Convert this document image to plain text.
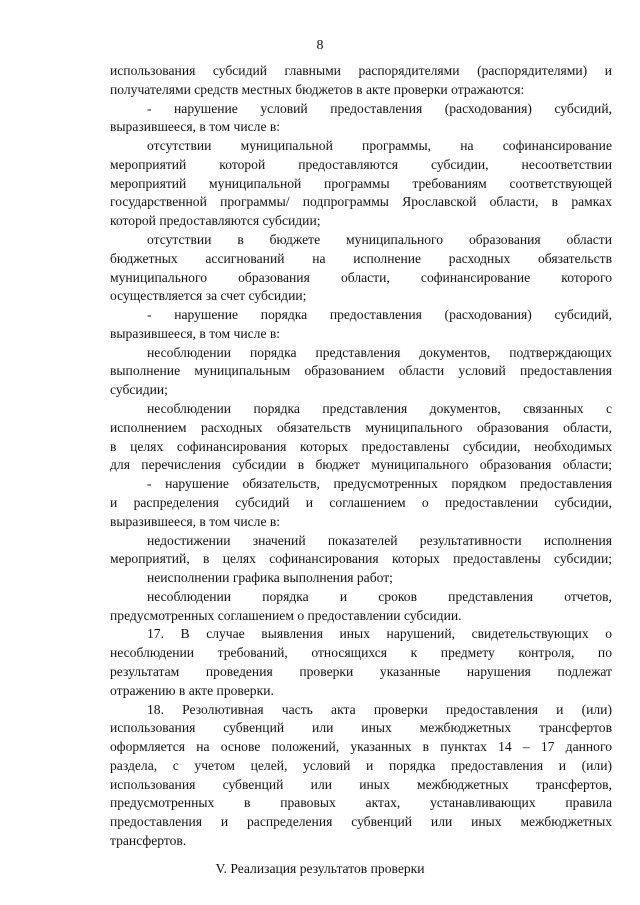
8
использования субсидий главными распорядителями (распорядителями) и
получателями средств местных бюджетов в акте проверки отражаются:
- нарушение условий предоставления (расходования) субсидий,
выразившееся, в том числе в:
отсутствии муниципальной программы, на софинансирование
мероприятий которой предоставляются субсидии, несоответствии
мероприятий муниципальной программы требованиям соответствующей
государственной программы/ подпрограммы Ярославской области, в рамках
которой предоставляются субсидии;
отсутствии в бюджете муниципального образования области
бюджетных ассигнований на исполнение расходных обязательств
муниципального образования области, софинансирование которого
осуществляется за счет субсидии;
- нарушение порядка предоставления (расходования) субсидий,
выразившееся, в том числе в:
несоблюдении порядка представления документов, подтверждающих
выполнение муниципальным образованием области условий предоставления
субсидии;
несоблюдении порядка представления документов, связанных с
исполнением расходных обязательств муниципального образования области,
в целях софинансирования которых предоставлены субсидии, необходимых
для перечисления субсидии в бюджет муниципального образования области;
- нарушение обязательств, предусмотренных порядком предоставления
и распределения субсидий и соглашением о предоставлении субсидии,
выразившееся, в том числе в:
недостижении значений показателей результативности исполнения
мероприятий, в целях софинансирования которых предоставлены субсидии;
неисполнении графика выполнения работ;
несоблюдении порядка и сроков представления отчетов,
предусмотренных соглашением о предоставлении субсидии.
17. В случае выявления иных нарушений, свидетельствующих о
несоблюдении требований, относящихся к предмету контроля, по
результатам проведения проверки указанные нарушения подлежат
отражению в акте проверки.
18. Резолютивная часть акта проверки предоставления и (или)
использования субвенций или иных межбюджетных трансфертов
оформляется на основе положений, указанных в пунктах 14 – 17 данного
раздела, с учетом целей, условий и порядка предоставления и (или)
использования субвенций или иных межбюджетных трансфертов,
предусмотренных в правовых актах, устанавливающих правила
предоставления и распределения субвенций или иных межбюджетных
трансфертов.
V. Реализация результатов проверки
